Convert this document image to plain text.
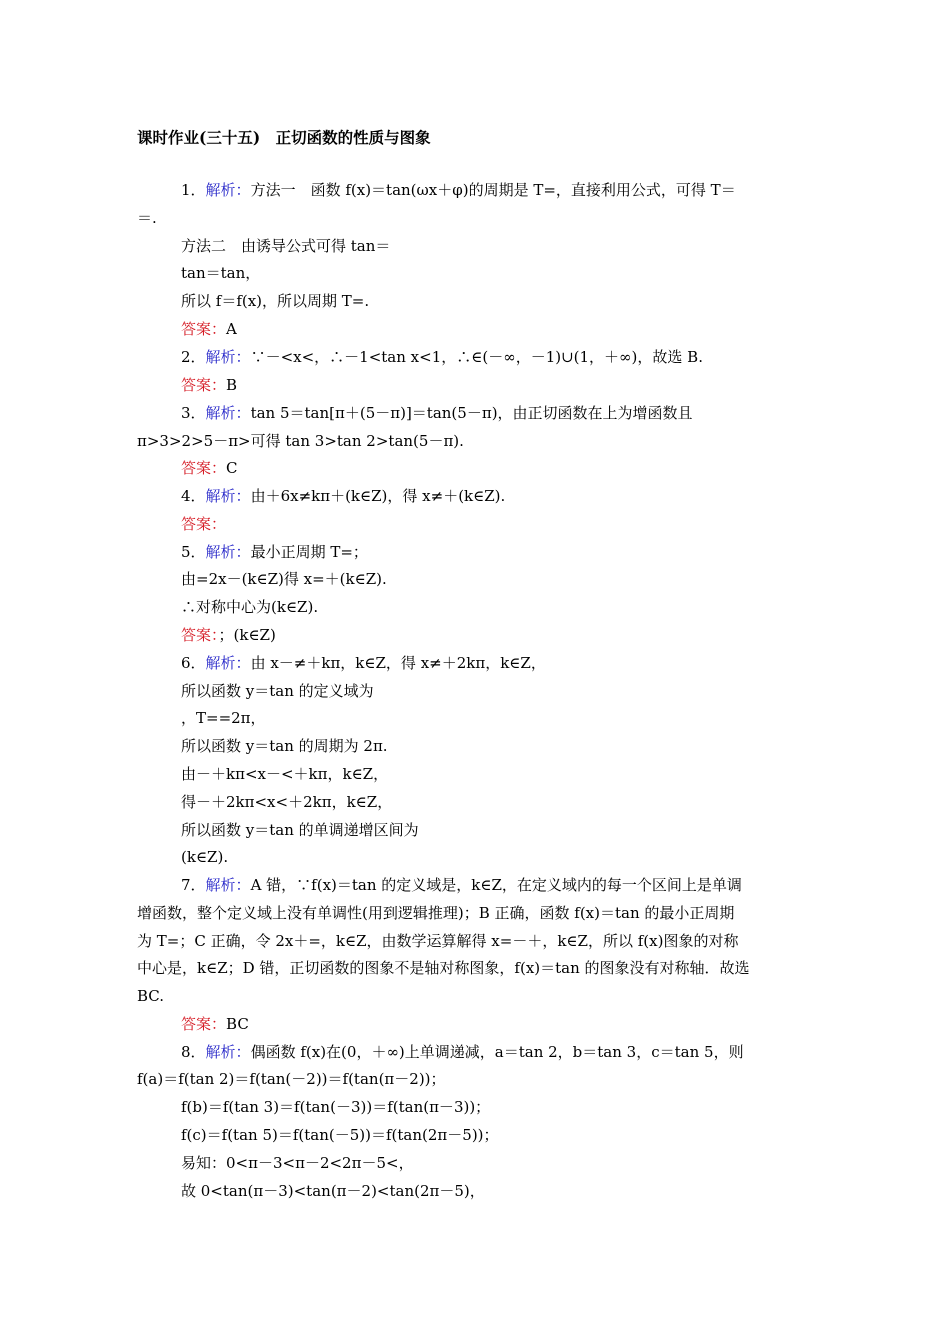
课时作业(三十五)　正切函数的性质与图象
1．解析：方法一　函数 f(x)＝tan(ωx＋φ)的周期是 T=，直接利用公式，可得 T＝
＝.
方法二　由诱导公式可得 tan＝
tan＝tan，
所以 f＝f(x)，所以周期 T=.
答案：A
2．解析：∵－<x<，∴－1<tan x<1，∴∈(－∞，－1)∪(1，＋∞)，故选 B.
答案：B
3．解析：tan 5＝tan[π＋(5－π)]＝tan(5－π)，由正切函数在上为增函数且
π>3>2>5－π>可得 tan 3>tan 2>tan(5－π).
答案：C
4．解析：由＋6x≠kπ＋(k∈Z)，得 x≠＋(k∈Z).
答案：
5．解析：最小正周期 T=；
由=2x－(k∈Z)得 x=＋(k∈Z).
∴对称中心为(k∈Z).
答案：；(k∈Z)
6．解析：由 x－≠＋kπ，k∈Z，得 x≠＋2kπ，k∈Z，
所以函数 y＝tan 的定义域为
，T==2π，
所以函数 y＝tan 的周期为 2π.
由－＋kπ<x－<＋kπ，k∈Z，
得－＋2kπ<x<＋2kπ，k∈Z，
所以函数 y＝tan 的单调递增区间为
(k∈Z).
7．解析：A 错，∵f(x)＝tan 的定义域是，k∈Z，在定义域内的每一个区间上是单调
增函数，整个定义域上没有单调性(用到逻辑推理)；B 正确，函数 f(x)＝tan 的最小正周期
为 T=；C 正确，令 2x＋=，k∈Z，由数学运算解得 x=－＋，k∈Z，所以 f(x)图象的对称
中心是，k∈Z；D 错，正切函数的图象不是轴对称图象，f(x)＝tan 的图象没有对称轴．故选
BC.
答案：BC
8．解析：偶函数 f(x)在(0，＋∞)上单调递减，a＝tan 2，b＝tan 3，c＝tan 5，则
f(a)＝f(tan 2)＝f(tan(－2))＝f(tan(π－2))；
f(b)＝f(tan 3)＝f(tan(－3))＝f(tan(π－3))；
f(c)＝f(tan 5)＝f(tan(－5))＝f(tan(2π－5))；
易知：0<π－3<π－2<2π－5<，
故 0<tan(π－3)<tan(π－2)<tan(2π－5)，
